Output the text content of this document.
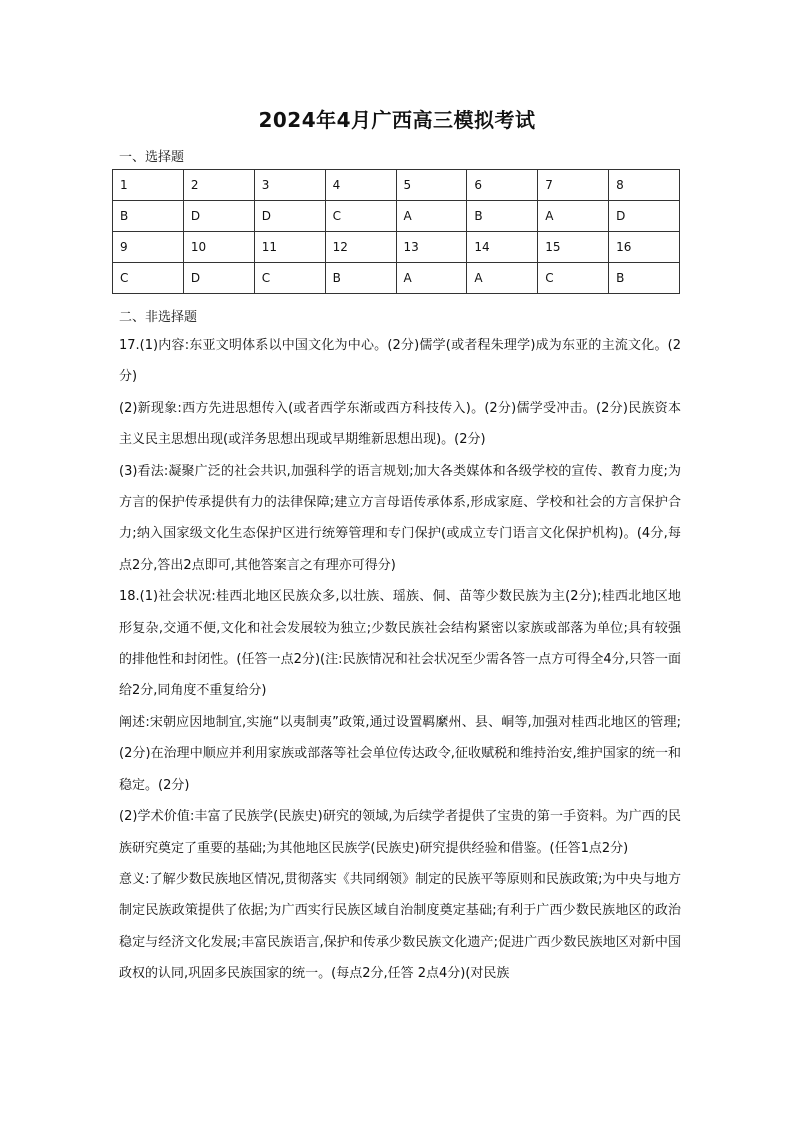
2024年4月广西高三模拟考试
一、选择题
1	2	3	4	5	6	7	8
B	D	D	C	A	B	A	D
9	10	11	12	13	14	15	16
C	D	C	B	A	A	C	B
二、非选择题

17.(1)内容:东亚文明体系以中国文化为中心。(2分)儒学(或者程朱理学)成为东亚的主流文化。(2分)

(2)新现象:西方先进思想传入(或者西学东渐或西方科技传入)。(2分)儒学受冲击。(2分)民族资本主义民主思想出现(或洋务思想出现或早期维新思想出现)。(2分)

(3)看法:凝聚广泛的社会共识,加强科学的语言规划;加大各类媒体和各级学校的宣传、教育力度;为方言的保护传承提供有力的法律保障;建立方言母语传承体系,形成家庭、学校和社会的方言保护合力;纳入国家级文化生态保护区进行统筹管理和专门保护(或成立专门语言文化保护机构)。(4分,每点2分,答出2点即可,其他答案言之有理亦可得分)

18.(1)社会状况:桂西北地区民族众多,以壮族、瑶族、侗、苗等少数民族为主(2分);桂西北地区地形复杂,交通不便,文化和社会发展较为独立;少数民族社会结构紧密以家族或部落为单位;具有较强的排他性和封闭性。(任答一点2分)(注:民族情况和社会状况至少需各答一点方可得全4分,只答一面给2分,同角度不重复给分)

阐述:宋朝应因地制宜,实施“以夷制夷”政策,通过设置羁縻州、县、峒等,加强对桂西北地区的管理;(2分)在治理中顺应并利用家族或部落等社会单位传达政令,征收赋税和维持治安,维护国家的统一和稳定。(2分)

(2)学术价值:丰富了民族学(民族史)研究的领域,为后续学者提供了宝贵的第一手资料。为广西的民族研究奠定了重要的基础;为其他地区民族学(民族史)研究提供经验和借鉴。(任答1点2分)

意义:了解少数民族地区情况,贯彻落实《共同纲领》制定的民族平等原则和民族政策;为中央与地方制定民族政策提供了依据;为广西实行民族区域自治制度奠定基础;有利于广西少数民族地区的政治稳定与经济文化发展;丰富民族语言,保护和传承少数民族文化遗产;促进广西少数民族地区对新中国政权的认同,巩固多民族国家的统一。(每点2分,任答 2点4分)(对民族
